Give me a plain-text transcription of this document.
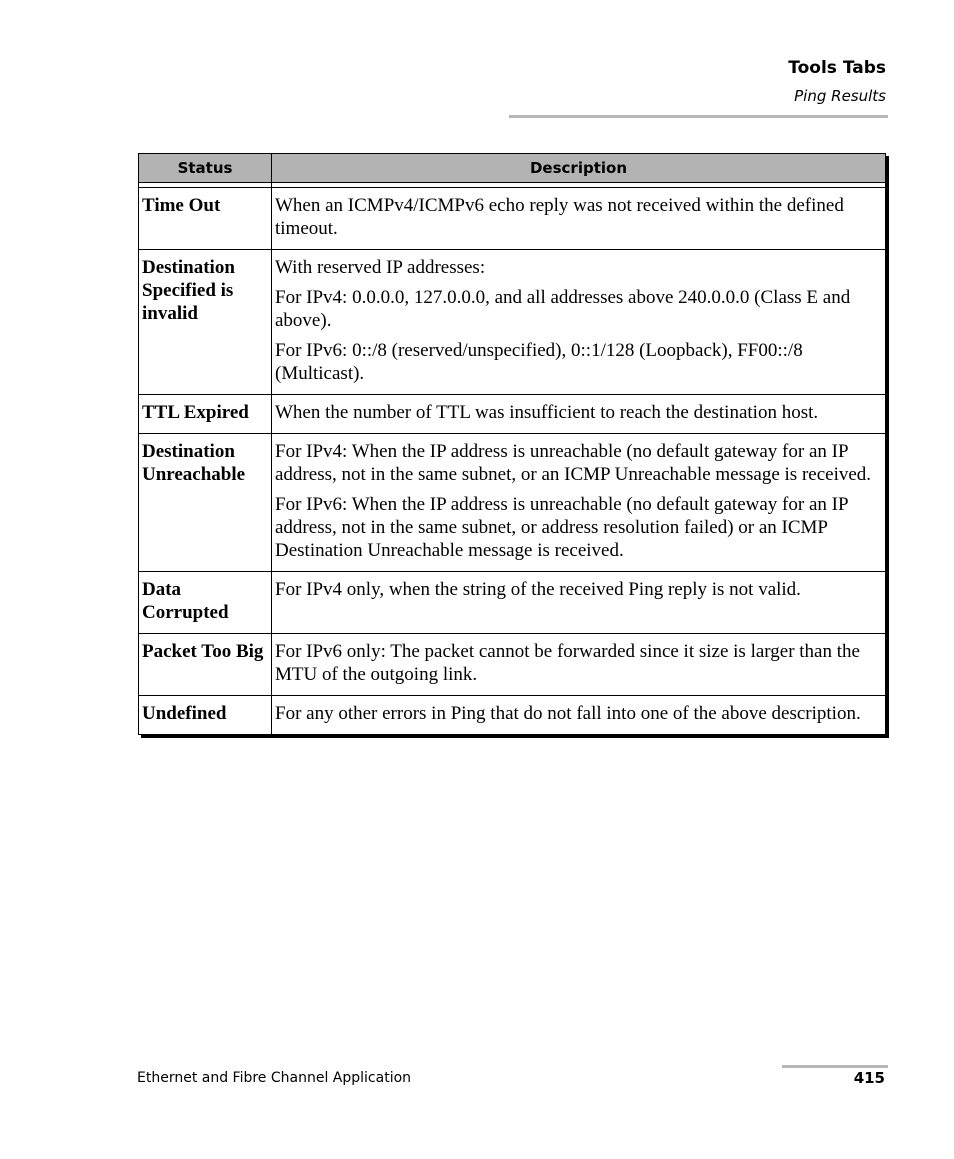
Tools Tabs
Ping Results
Status	Description

Time Out	When an ICMPv4/ICMPv6 echo reply was not received within the defined timeout.

Destination Specified is invalid	With reserved IP addresses:

For IPv4: 0.0.0.0, 127.0.0.0, and all addresses above 240.0.0.0 (Class E and above).

For IPv6: 0::/8 (reserved/unspecified), 0::1/128 (Loopback), FF00::/8 (Multicast).

TTL Expired	When the number of TTL was insufficient to reach the destination host.

Destination Unreachable	For IPv4: When the IP address is unreachable (no default gateway for an IP address, not in the same subnet, or an ICMP Unreachable message is received.

For IPv6: When the IP address is unreachable (no default gateway for an IP address, not in the same subnet, or address resolution failed) or an ICMP Destination Unreachable message is received.

Data Corrupted	For IPv4 only, when the string of the received Ping reply is not valid.

Packet Too Big	For IPv6 only: The packet cannot be forwarded since it size is larger than the MTU of the outgoing link.

Undefined	For any other errors in Ping that do not fall into one of the above description.

Ethernet and Fibre Channel Application	415
